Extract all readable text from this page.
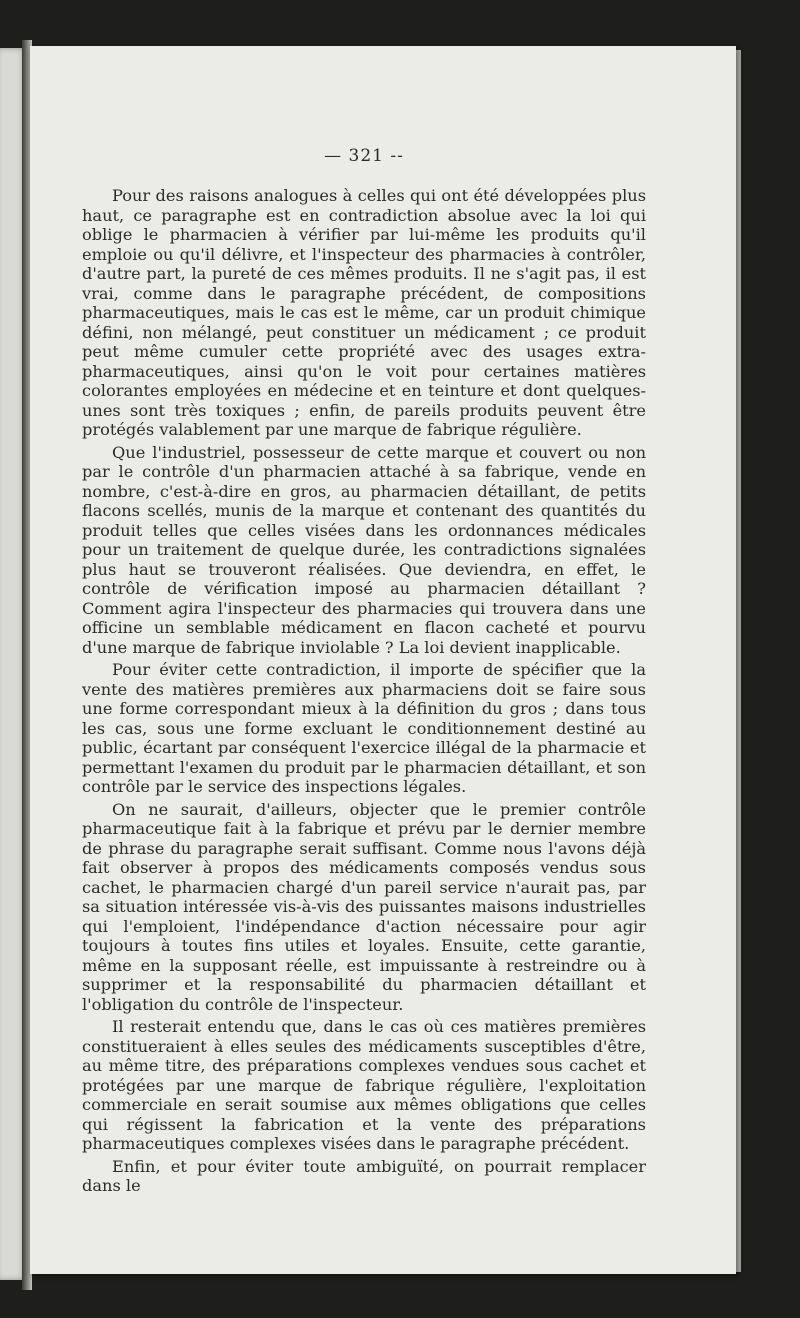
— 321 --

Pour des raisons analogues à celles qui ont été développées plus haut, ce paragraphe est en contradiction absolue avec la loi qui oblige le pharmacien à vérifier par lui-même les produits qu'il emploie ou qu'il délivre, et l'inspecteur des pharmacies à contrôler, d'autre part, la pureté de ces mêmes produits. Il ne s'agit pas, il est vrai, comme dans le paragraphe précédent, de compositions pharmaceutiques, mais le cas est le même, car un produit chimique défini, non mélangé, peut constituer un médicament ; ce produit peut même cumuler cette propriété avec des usages extra-pharmaceutiques, ainsi qu'on le voit pour certaines matières colorantes employées en médecine et en teinture et dont quelques-unes sont très toxiques ; enfin, de pareils produits peuvent être protégés valablement par une marque de fabrique régulière.

Que l'industriel, possesseur de cette marque et couvert ou non par le contrôle d'un pharmacien attaché à sa fabrique, vende en nombre, c'est-à-dire en gros, au pharmacien détaillant, de petits flacons scellés, munis de la marque et contenant des quantités du produit telles que celles visées dans les ordonnances médicales pour un traitement de quelque durée, les contradictions signalées plus haut se trouveront réalisées. Que deviendra, en effet, le contrôle de vérification imposé au pharmacien détaillant ? Comment agira l'inspecteur des pharmacies qui trouvera dans une officine un semblable médicament en flacon cacheté et pourvu d'une marque de fabrique inviolable ? La loi devient inapplicable.

Pour éviter cette contradiction, il importe de spécifier que la vente des matières premières aux pharmaciens doit se faire sous une forme correspondant mieux à la définition du gros ; dans tous les cas, sous une forme excluant le conditionnement destiné au public, écartant par conséquent l'exercice illégal de la pharmacie et permettant l'examen du produit par le pharmacien détaillant, et son contrôle par le service des inspections légales.

On ne saurait, d'ailleurs, objecter que le premier contrôle pharmaceutique fait à la fabrique et prévu par le dernier membre de phrase du paragraphe serait suffisant. Comme nous l'avons déjà fait observer à propos des médicaments composés vendus sous cachet, le pharmacien chargé d'un pareil service n'aurait pas, par sa situation intéressée vis-à-vis des puissantes maisons industrielles qui l'emploient, l'indépendance d'action nécessaire pour agir toujours à toutes fins utiles et loyales. Ensuite, cette garantie, même en la supposant réelle, est impuissante à restreindre ou à supprimer et la responsabilité du pharmacien détaillant et l'obligation du contrôle de l'inspecteur.

Il resterait entendu que, dans le cas où ces matières premières constitueraient à elles seules des médicaments susceptibles d'être, au même titre, des préparations complexes vendues sous cachet et protégées par une marque de fabrique régulière, l'exploitation commerciale en serait soumise aux mêmes obligations que celles qui régissent la fabrication et la vente des préparations pharmaceutiques complexes visées dans le paragraphe précédent.

Enfin, et pour éviter toute ambiguïté, on pourrait remplacer dans le
